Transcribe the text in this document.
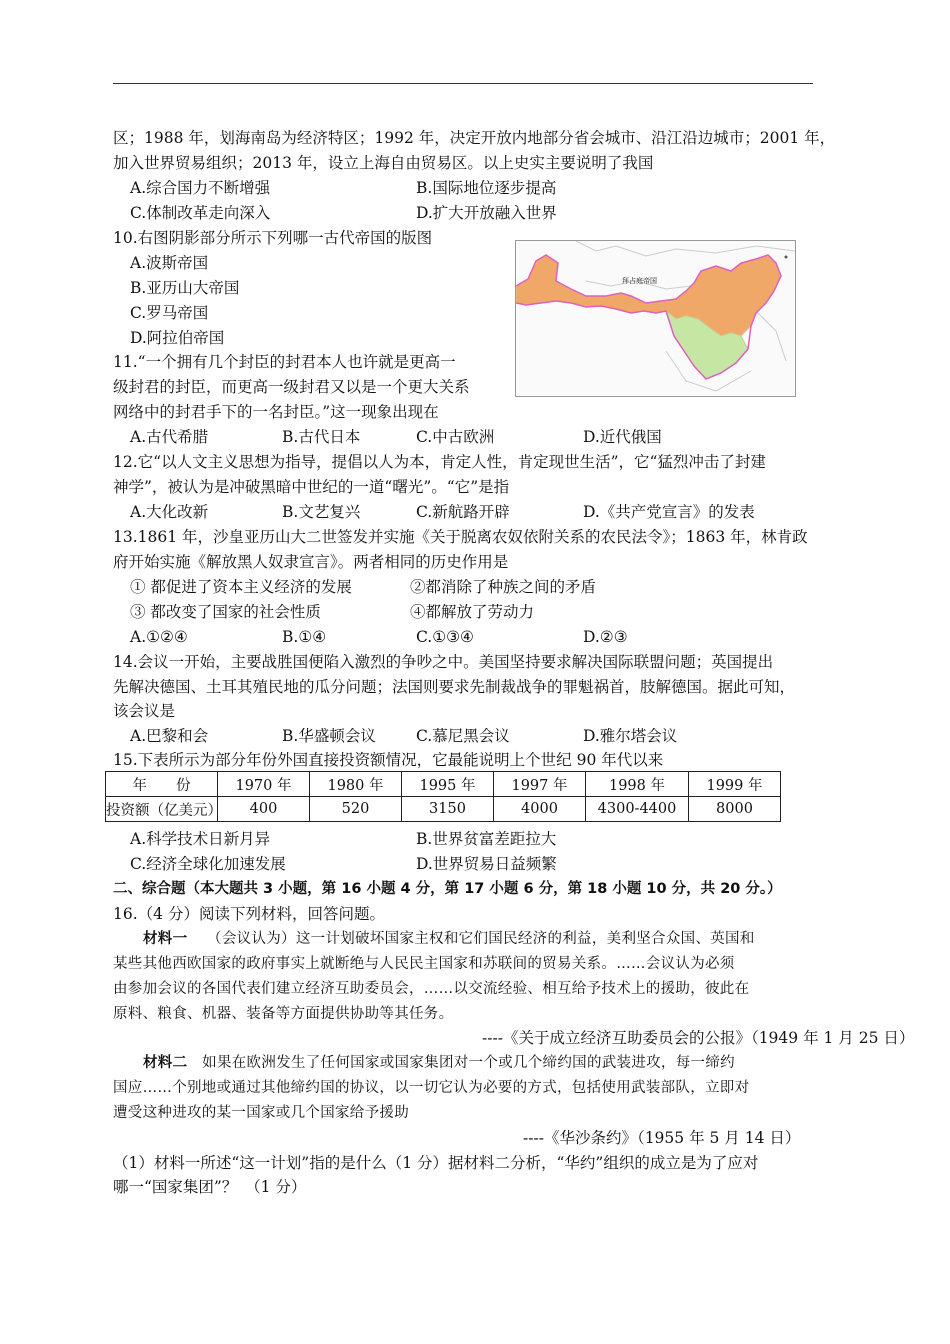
区；1988 年，划海南岛为经济特区；1992 年，决定开放内地部分省会城市、沿江沿边城市；2001 年，
加入世界贸易组织；2013 年，设立上海自由贸易区。以上史实主要说明了我国
A.综合国力不断增强	B.国际地位逐步提高
C.体制改革走向深入	D.扩大开放融入世界
10.右图阴影部分所示下列哪一古代帝国的版图
A.波斯帝国
B.亚历山大帝国
C.罗马帝国
D.阿拉伯帝国
拜占庭帝国
11.“一个拥有几个封臣的封君本人也许就是更高一
级封君的封臣，而更高一级封君又以是一个更大关系
网络中的封君手下的一名封臣。”这一现象出现在
A.古代希腊	B.古代日本	C.中古欧洲	D.近代俄国
12.它“以人文主义思想为指导，提倡以人为本，肯定人性，肯定现世生活”，它“猛烈冲击了封建
神学”，被认为是冲破黑暗中世纪的一道“曙光”。“它”是指
A.大化改新	B.文艺复兴	C.新航路开辟	D.《共产党宣言》的发表
13.1861 年，沙皇亚历山大二世签发并实施《关于脱离农奴依附关系的农民法令》；1863 年，林肯政
府开始实施《解放黑人奴隶宣言》。两者相同的历史作用是
① 都促进了资本主义经济的发展	②都消除了种族之间的矛盾
③ 都改变了国家的社会性质	④都解放了劳动力
A.①②④	B.①④	C.①③④	D.②③
14.会议一开始，主要战胜国便陷入激烈的争吵之中。美国坚持要求解决国际联盟问题；英国提出
先解决德国、土耳其殖民地的瓜分问题；法国则要求先制裁战争的罪魁祸首，肢解德国。据此可知，
该会议是
A.巴黎和会	B.华盛顿会议	C.慕尼黑会议	D.雅尔塔会议
15.下表所示为部分年份外国直接投资额情况，它最能说明上个世纪 90 年代以来
年　　份	1970 年	1980 年	1995 年	1997 年	1998 年	1999 年
投资额（亿美元）	400	520	3150	4000	4300-4400	8000
A.科学技术日新月异	B.世界贫富差距拉大
C.经济全球化加速发展	D.世界贸易日益频繁
二、综合题（本大题共 3 小题，第 16 小题 4 分，第 17 小题 6 分，第 18 小题 10 分，共 20 分。）
16.（4 分）阅读下列材料，回答问题。
材料一 （会议认为）这一计划破坏国家主权和它们国民经济的利益，美利坚合众国、英国和
某些其他西欧国家的政府事实上就断绝与人民民主国家和苏联间的贸易关系。……会议认为必须
由参加会议的各国代表们建立经济互助委员会，……以交流经验、相互给予技术上的援助，彼此在
原料、粮食、机器、装备等方面提供协助等其任务。
----《关于成立经济互助委员会的公报》（1949 年 1 月 25 日）
材料二 如果在欧洲发生了任何国家或国家集团对一个或几个缔约国的武装进攻，每一缔约
国应……个别地或通过其他缔约国的协议，以一切它认为必要的方式，包括使用武装部队，立即对
遭受这种进攻的某一国家或几个国家给予援助
----《华沙条约》（1955 年 5 月 14 日）
（1）材料一所述“这一计划”指的是什么（1 分）据材料二分析，“华约”组织的成立是为了应对
哪一“国家集团”？　（1 分）
